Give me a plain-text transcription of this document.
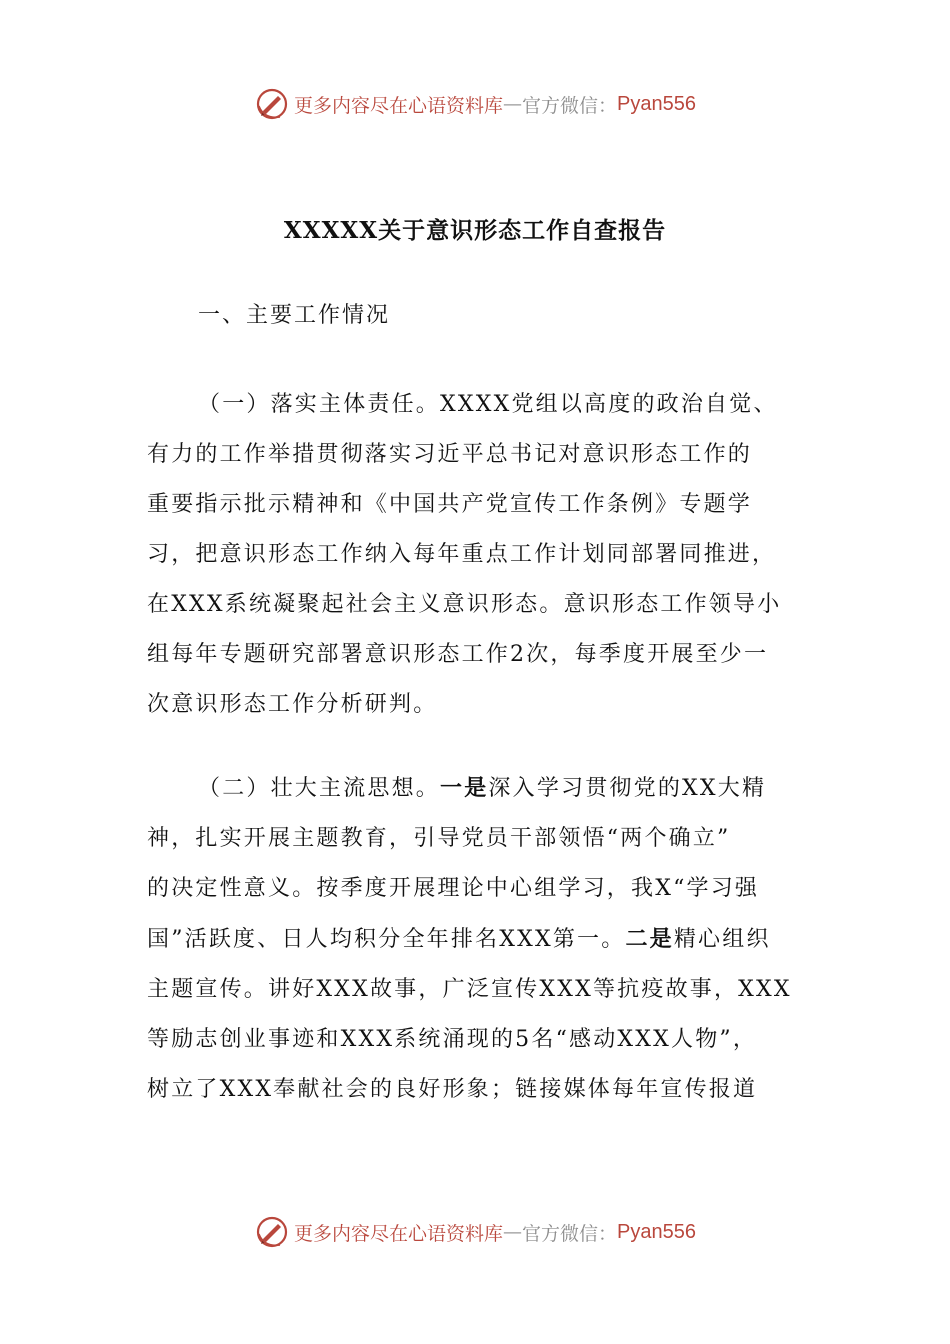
更多内容尽在心语资料库 — 官方微信： Pyan556
XXXXX关于意识形态工作自查报告

一、主要工作情况

（一）落实主体责任。XXXX党组以高度的政治自觉、
有力的工作举措贯彻落实习近平总书记对意识形态工作的
重要指示批示精神和《中国共产党宣传工作条例》专题学
习，把意识形态工作纳入每年重点工作计划同部署同推进，
在XXX系统凝聚起社会主义意识形态。意识形态工作领导小
组每年专题研究部署意识形态工作2次，每季度开展至少一
次意识形态工作分析研判。
（二）壮大主流思想。一是深入学习贯彻党的XX大精
神，扎实开展主题教育，引导党员干部领悟“两个确立”
的决定性意义。按季度开展理论中心组学习，我X“学习强
国”活跃度、日人均积分全年排名XXX第一。二是精心组织
主题宣传。讲好XXX故事，广泛宣传XXX等抗疫故事，XXX
等励志创业事迹和XXX系统涌现的5名“感动XXX人物”，
树立了XXX奉献社会的良好形象；链接媒体每年宣传报道
更多内容尽在心语资料库 — 官方微信： Pyan556
